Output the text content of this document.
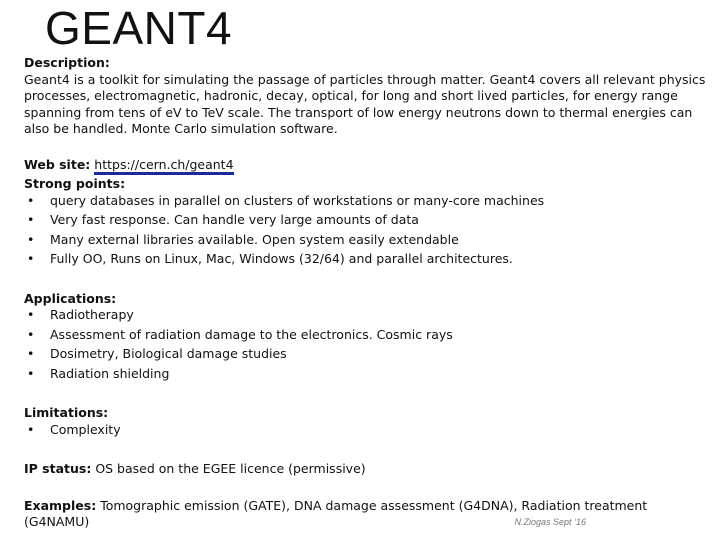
GEANT4
Description:
Geant4 is a toolkit for simulating the passage of particles through matter. Geant4 covers all relevant physics processes, electromagnetic, hadronic, decay, optical, for long and short lived particles, for energy range spanning from tens of eV to TeV scale. The transport of low energy neutrons down to thermal energies can also be handled. Monte Carlo simulation software.
Web site: https://cern.ch/geant4
Strong points:
•	query databases in parallel on clusters of workstations or many-core machines
•	Very fast response. Can handle very large amounts of data
•	Many external libraries available. Open system easily extendable
•	Fully OO, Runs on Linux, Mac, Windows (32/64) and parallel architectures.
Applications:
•	Radiotherapy
•	Assessment of radiation damage to the electronics. Cosmic rays
•	Dosimetry, Biological damage studies
•	Radiation shielding
Limitations:
•	Complexity
IP status: OS based on the EGEE licence (permissive)
Examples: Tomographic emission (GATE), DNA damage assessment (G4DNA), Radiation treatment (G4NAMU)	N.Ziogas Sept ‘16
